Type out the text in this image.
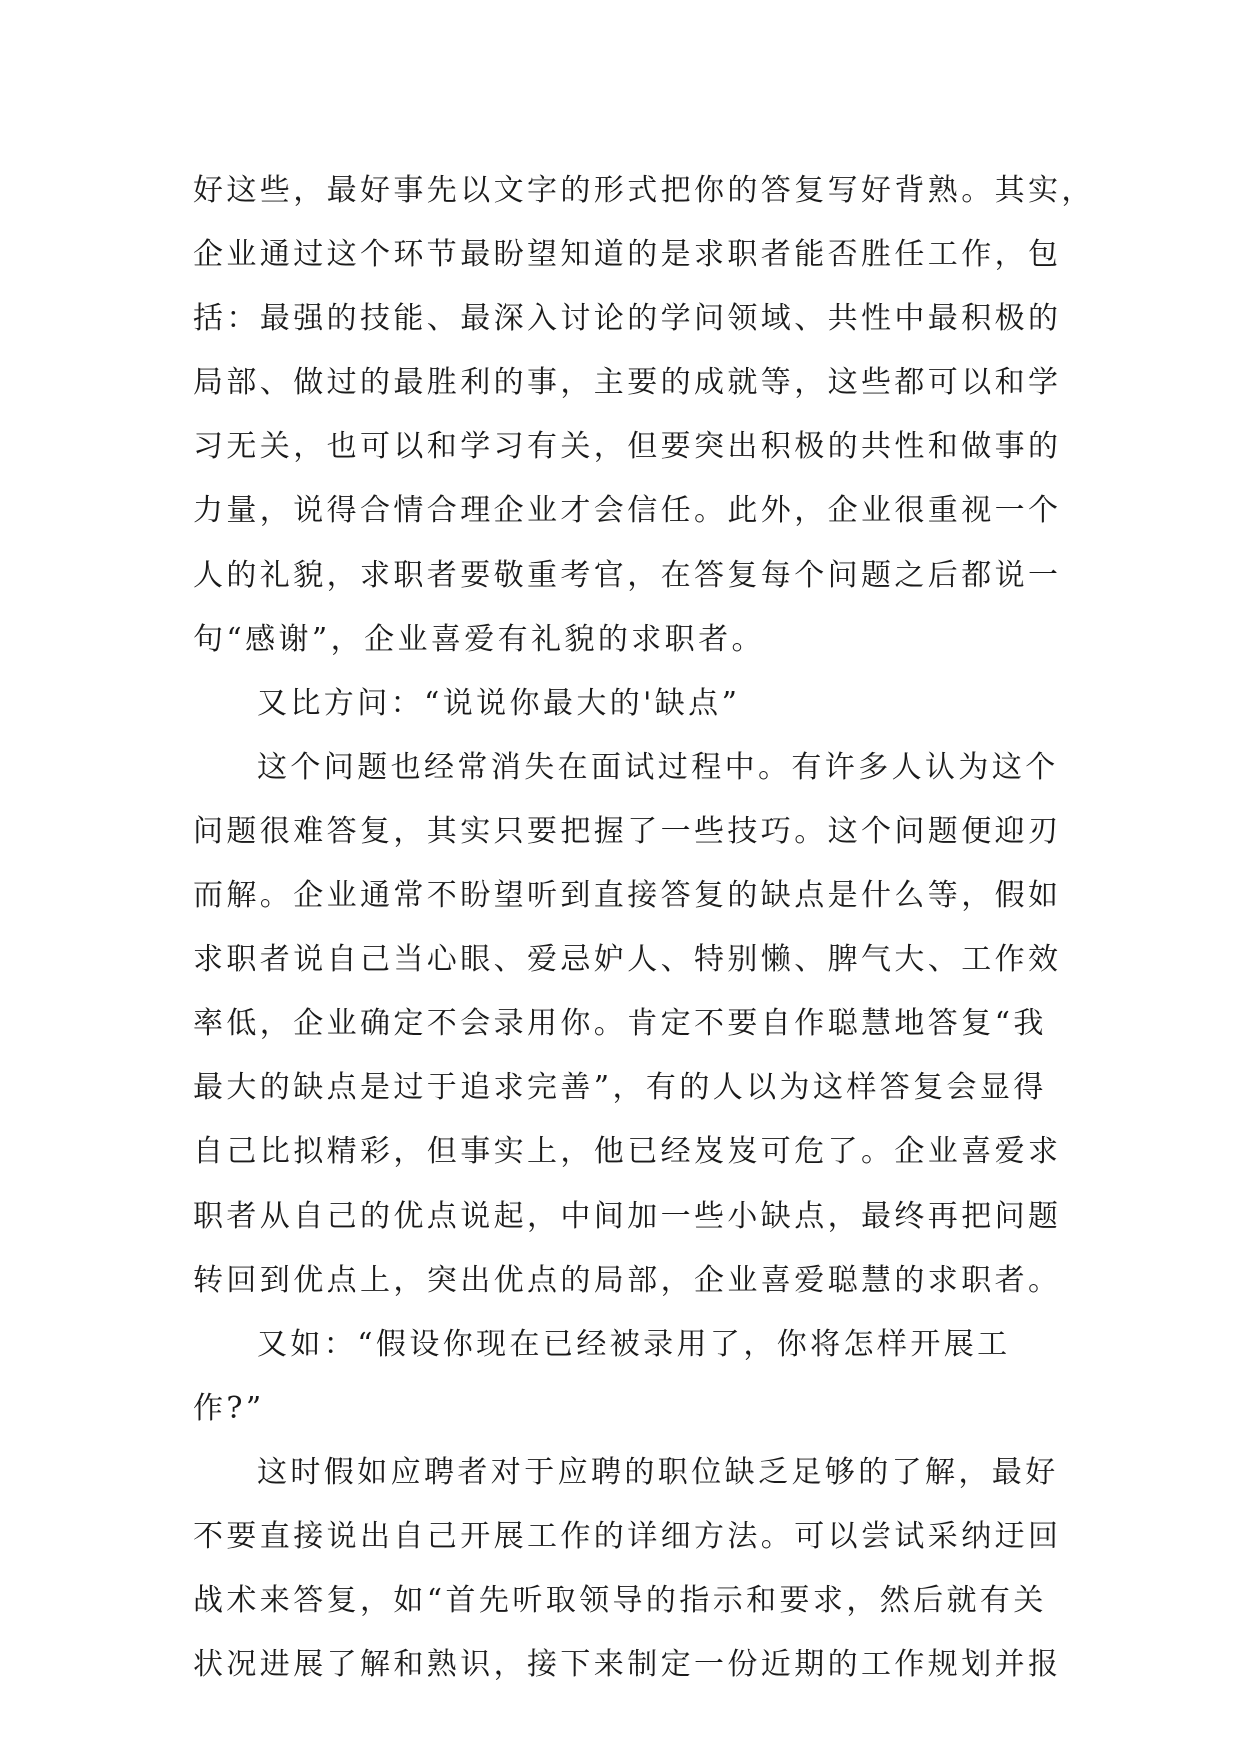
好这些，最好事先以文字的形式把你的答复写好背熟。其实，
企业通过这个环节最盼望知道的是求职者能否胜任工作，包
括：最强的技能、最深入讨论的学问领域、共性中最积极的
局部、做过的最胜利的事，主要的成就等，这些都可以和学
习无关，也可以和学习有关，但要突出积极的共性和做事的
力量，说得合情合理企业才会信任。此外，企业很重视一个
人的礼貌，求职者要敬重考官，在答复每个问题之后都说一
句“感谢”，企业喜爱有礼貌的求职者。
又比方问：“说说你最大的'缺点”
这个问题也经常消失在面试过程中。有许多人认为这个
问题很难答复，其实只要把握了一些技巧。这个问题便迎刃
而解。企业通常不盼望听到直接答复的缺点是什么等，假如
求职者说自己当心眼、爱忌妒人、特别懒、脾气大、工作效
率低，企业确定不会录用你。肯定不要自作聪慧地答复“我
最大的缺点是过于追求完善”，有的人以为这样答复会显得
自己比拟精彩，但事实上，他已经岌岌可危了。企业喜爱求
职者从自己的优点说起，中间加一些小缺点，最终再把问题
转回到优点上，突出优点的局部，企业喜爱聪慧的求职者。
又如：“假设你现在已经被录用了，你将怎样开展工
作?”
这时假如应聘者对于应聘的职位缺乏足够的了解，最好
不要直接说出自己开展工作的详细方法。可以尝试采纳迂回
战术来答复，如“首先听取领导的指示和要求，然后就有关
状况进展了解和熟识，接下来制定一份近期的工作规划并报
